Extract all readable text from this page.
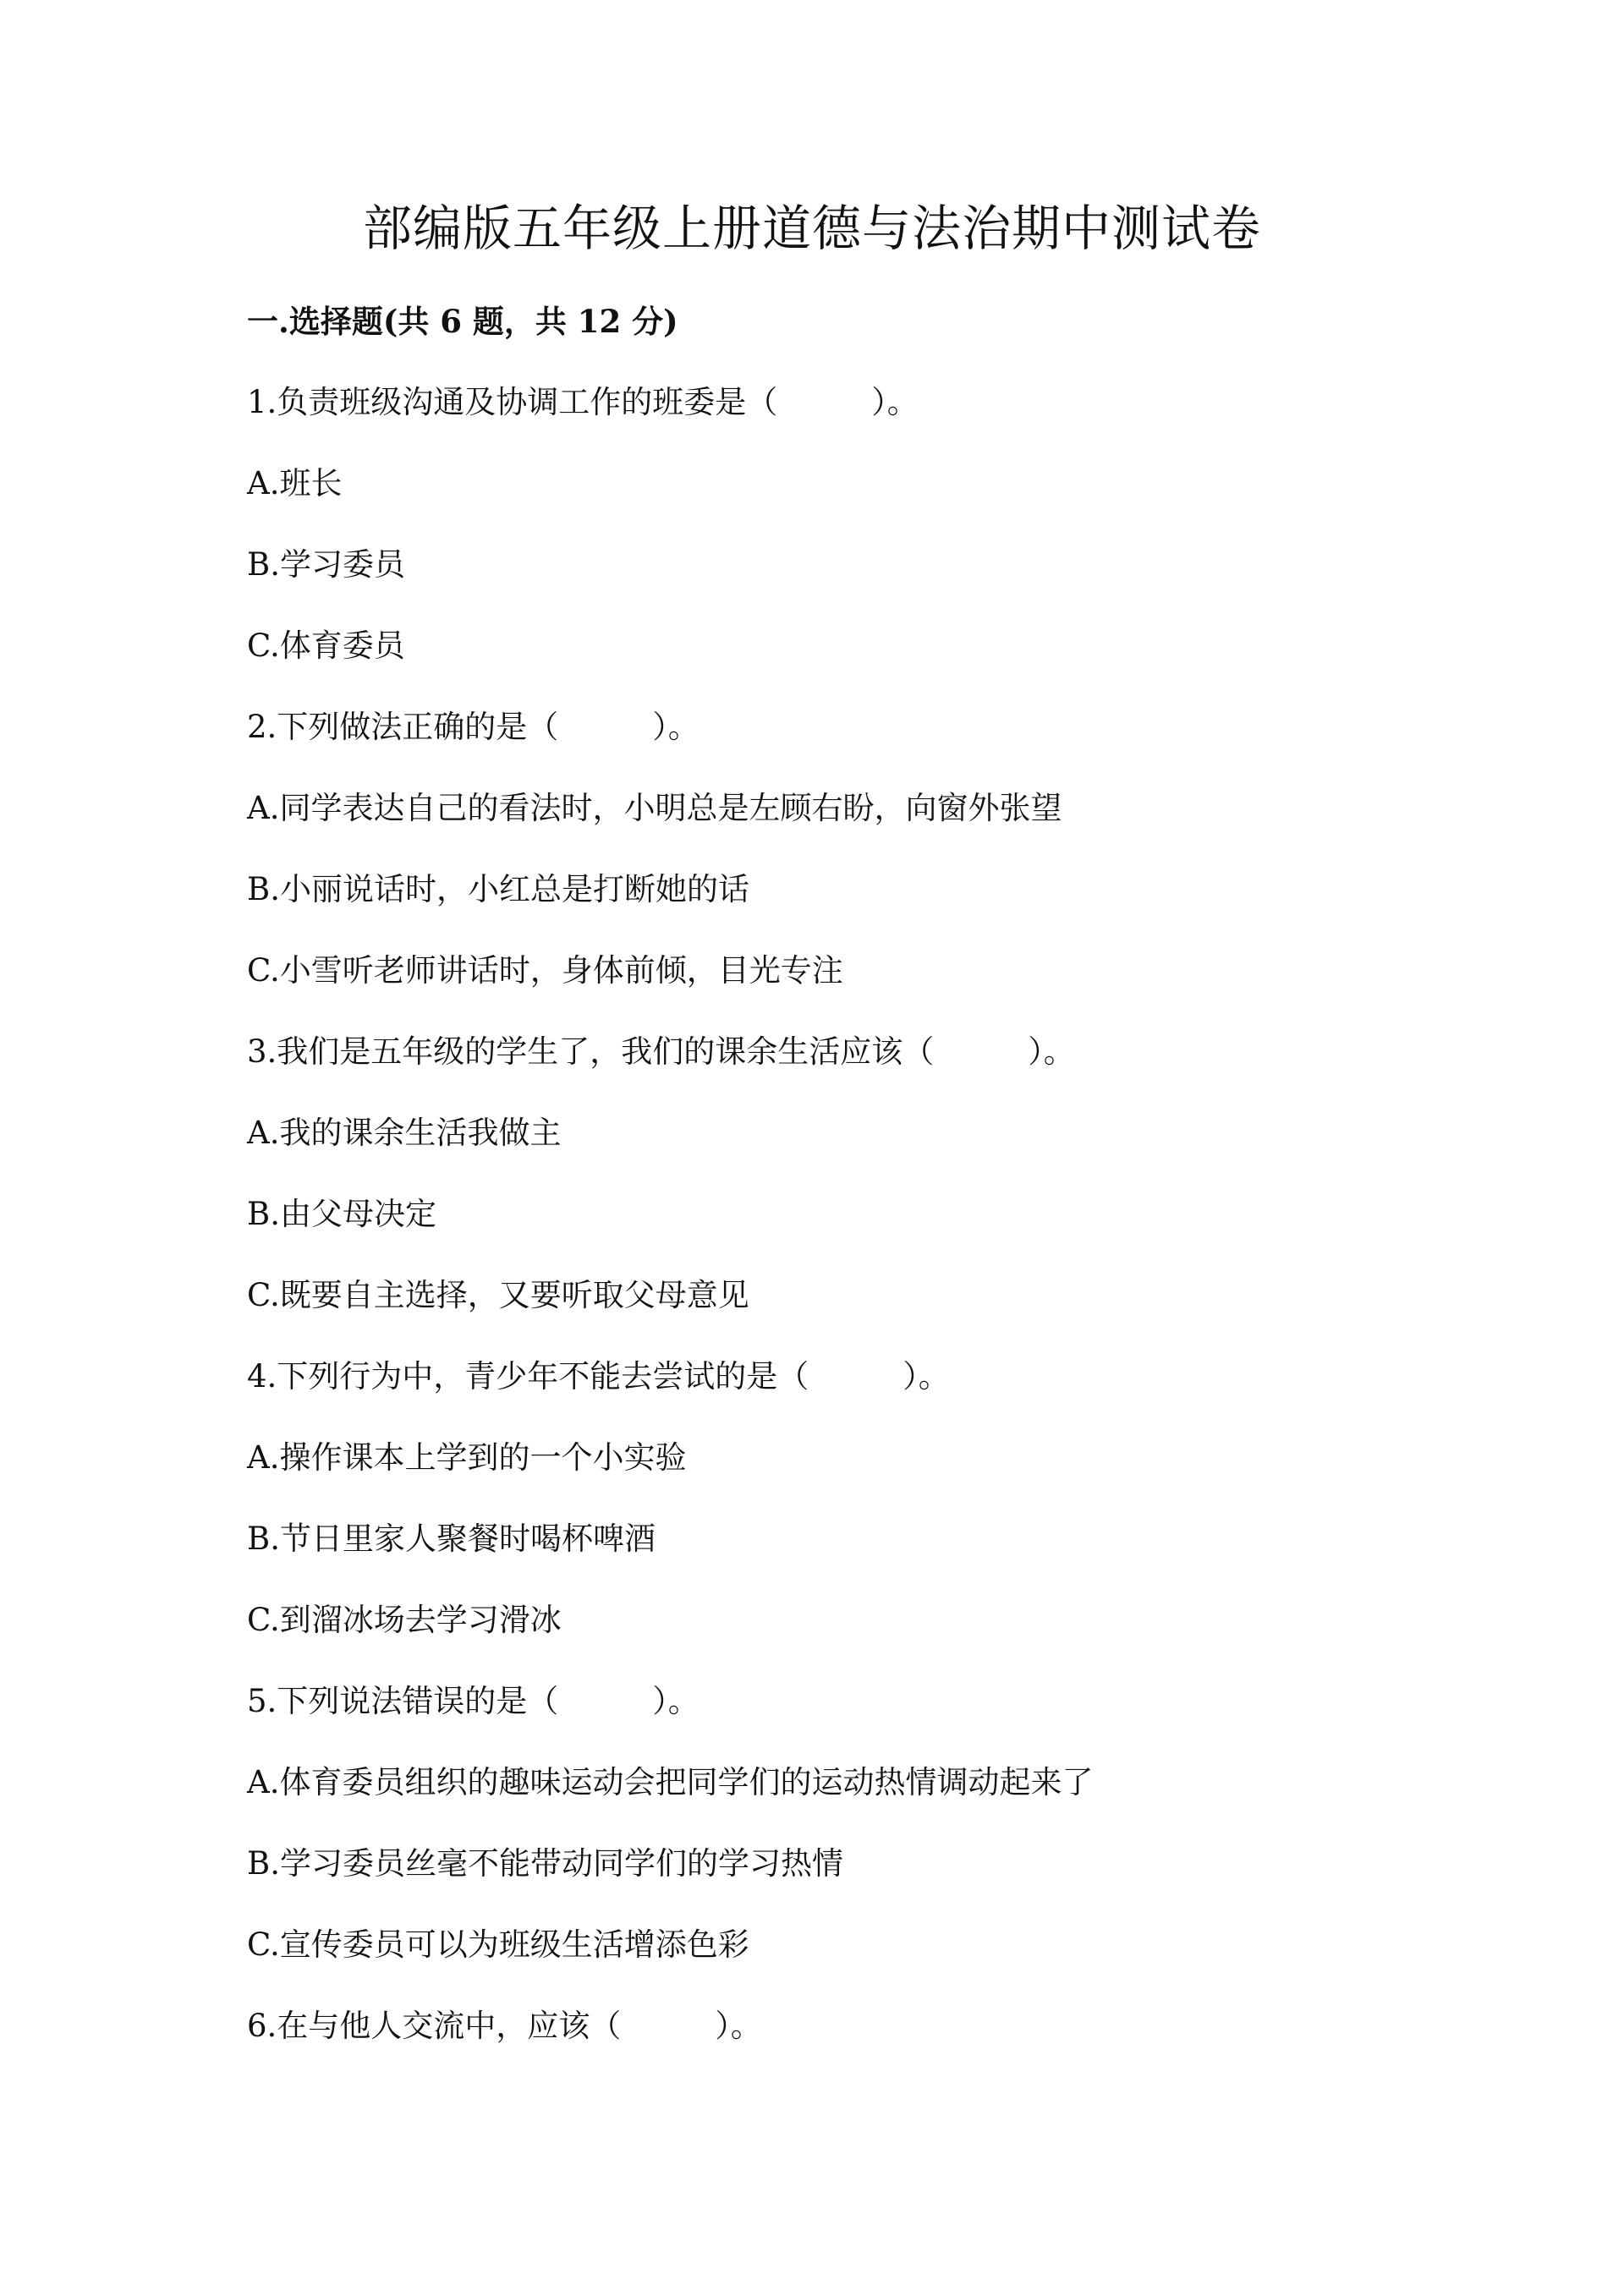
部编版五年级上册道德与法治期中测试卷
一.选择题(共 6 题，共 12 分)
1.负责班级沟通及协调工作的班委是（　　　）。
A.班长
B.学习委员
C.体育委员
2.下列做法正确的是（　　　）。
A.同学表达自己的看法时，小明总是左顾右盼，向窗外张望
B.小丽说话时，小红总是打断她的话
C.小雪听老师讲话时，身体前倾，目光专注
3.我们是五年级的学生了，我们的课余生活应该（　　　）。
A.我的课余生活我做主
B.由父母决定
C.既要自主选择，又要听取父母意见
4.下列行为中，青少年不能去尝试的是（　　　）。
A.操作课本上学到的一个小实验
B.节日里家人聚餐时喝杯啤酒
C.到溜冰场去学习滑冰
5.下列说法错误的是（　　　）。
A.体育委员组织的趣味运动会把同学们的运动热情调动起来了
B.学习委员丝毫不能带动同学们的学习热情
C.宣传委员可以为班级生活增添色彩
6.在与他人交流中，应该（　　　）。
